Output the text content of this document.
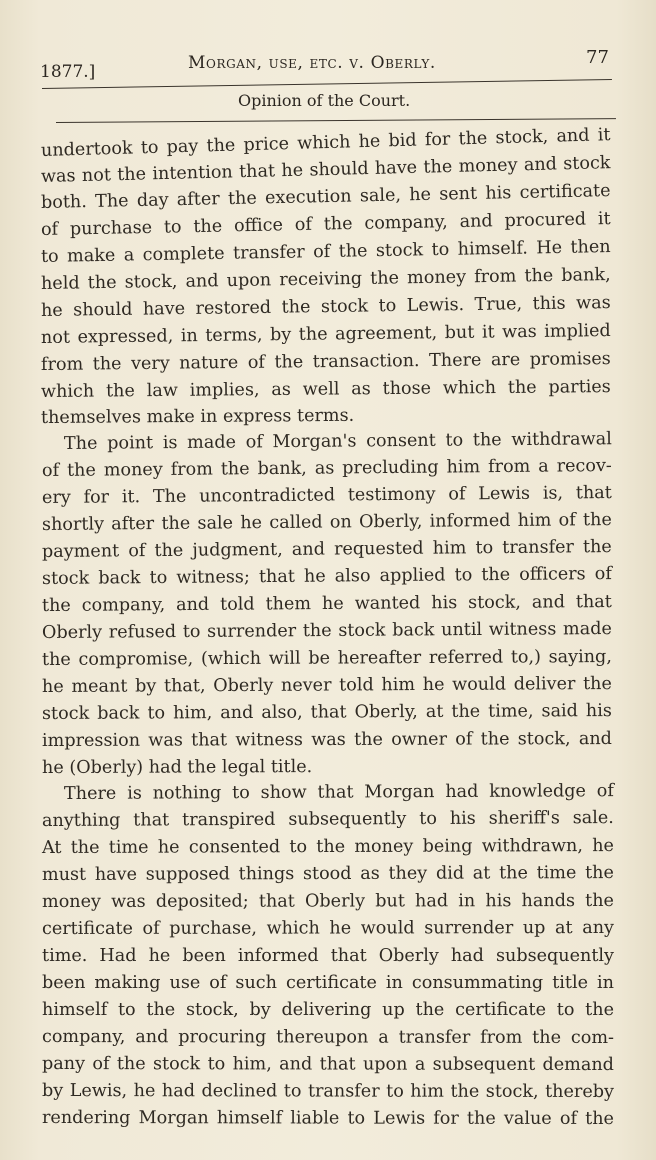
1877.]	Morgan, use, etc. v. Oberly.	77
Opinion of the Court.
undertook to pay the price which he bid for the stock, and it
was not the intention that he should have the money and stock
both. The day after the execution sale, he sent his certificate
of purchase to the office of the company, and procured it
to make a complete transfer of the stock to himself. He then
held the stock, and upon receiving the money from the bank,
he should have restored the stock to Lewis. True, this was
not expressed, in terms, by the agreement, but it was implied
from the very nature of the transaction. There are promises
which the law implies, as well as those which the parties
themselves make in express terms.
The point is made of Morgan's consent to the withdrawal
of the money from the bank, as precluding him from a recov-
ery for it. The uncontradicted testimony of Lewis is, that
shortly after the sale he called on Oberly, informed him of the
payment of the judgment, and requested him to transfer the
stock back to witness; that he also applied to the officers of
the company, and told them he wanted his stock, and that
Oberly refused to surrender the stock back until witness made
the compromise, (which will be hereafter referred to,) saying,
he meant by that, Oberly never told him he would deliver the
stock back to him, and also, that Oberly, at the time, said his
impression was that witness was the owner of the stock, and
he (Oberly) had the legal title.
There is nothing to show that Morgan had knowledge of
anything that transpired subsequently to his sheriff's sale.
At the time he consented to the money being withdrawn, he
must have supposed things stood as they did at the time the
money was deposited; that Oberly but had in his hands the
certificate of purchase, which he would surrender up at any
time. Had he been informed that Oberly had subsequently
been making use of such certificate in consummating title in
himself to the stock, by delivering up the certificate to the
company, and procuring thereupon a transfer from the com-
pany of the stock to him, and that upon a subsequent demand
by Lewis, he had declined to transfer to him the stock, thereby
rendering Morgan himself liable to Lewis for the value of the
